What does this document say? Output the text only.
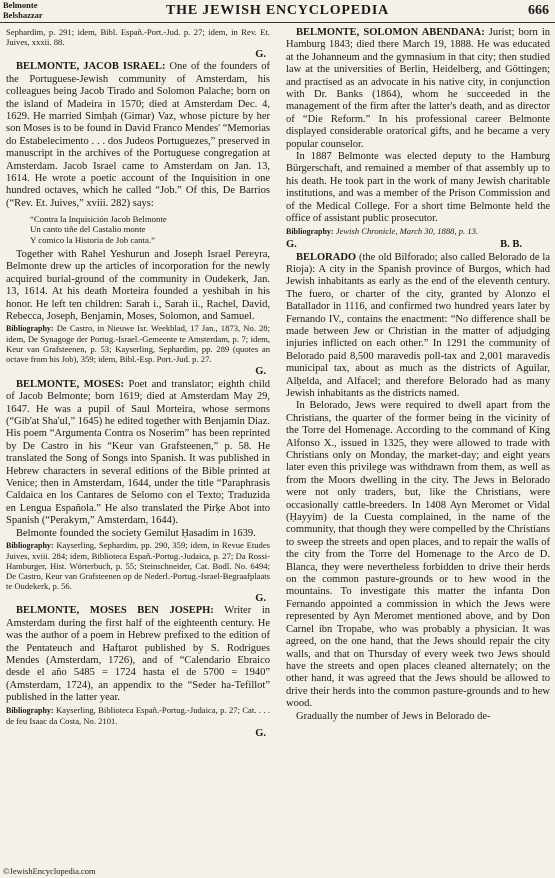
Belmonte
Belshazzar	THE JEWISH ENCYCLOPEDIA	666

Sephardim, p. 291; idem, Bibl. Españ.-Port.-Jud. p. 27; idem, in Rev. Et. Juives, xxxii. 88.

G.

BELMONTE, JACOB ISRAEL: One of the founders of the Portuguese-Jewish community of Amsterdam, his colleagues being Jacob Tirado and Solomon Palache; born on the island of Madeira in 1570; died at Amsterdam Dec. 4, 1629. He married Simḥah (Gimar) Vaz, whose picture by her son Moses is to be found in David Franco Mendes' “Memorias do Estabelecimento . . . dos Judeos Portuguezes,” preserved in manuscript in the archives of the Portuguese congregation at Amsterdam. Jacob Israel came to Amsterdam on Jan. 13, 1614. He wrote a poetic account of the Inquisition in one hundred octaves, which he called “Job.” Of this, De Barrios (“Rev. Et. Juives,” xviii. 282) says:

“Contra la Inquisición Jacob Belmonte
Un canto tiñe del Castalio monte
Y comico la Historia de Job canta.”

Together with Rahel Yeshurun and Joseph Israel Pereyra, Belmonte drew up the articles of incorporation for the newly acquired burial-ground of the community in Oudekerk, Jan. 13, 1614. At his death Morteira founded a yeshibah in his honor. He left ten children: Sarah i., Sarah ii., Rachel, David, Rebecca, Joseph, Benjamin, Moses, Solomon, and Samuel.

Bibliography: De Castro, in Nieuwe Isr. Weekblad, 17 Jan., 1873, No. 28; idem, De Synagoge der Portug.-Israel.-Gemeente te Amsterdam, p. 7; idem, Keur van Grafsteenen, p. 53; Kayserling, Sephardim, pp. 289 (quotes an octave from his Job), 359; idem, Bibl.-Esp. Port.-Jud. p. 27.

G.

BELMONTE, MOSES: Poet and translator; eighth child of Jacob Belmonte; born 1619; died at Amsterdam May 29, 1647. He was a pupil of Saul Morteira, whose sermons (“Gib'at Sha'ul,” 1645) he edited together with Benjamin Diaz. His poem “Argumenta Contra os Noserim” has been reprinted by De Castro in his “Keur van Grafsteenen,” p. 58. He translated the Song of Songs into Spanish. It was published in Hebrew characters in several editions of the Bible printed at Venice; then in Amsterdam, 1644, under the title “Paraphrasis Caldaica en los Cantares de Selomo con el Texto; Traduzida en Lengua Española.” He also translated the Pirḳe Abot into Spanish (“Perakym,” Amsterdam, 1644).

Belmonte founded the society Gemilut Ḥasadim in 1639.

Bibliography: Kayserling, Sephardim, pp. 290, 359; idem, in Revue Etudes Juives, xviii. 284; idem, Biblioteca Españ.-Portug.-Judaica, p. 27; Da Rossi-Hamburger, Hist. Wörterbuch, p. 55; Steinschneider, Cat. Bodl. No. 6494; De Castro, Keur van Grafsteenen op de Nederl.-Portug.-Israel-Begraafplaats te Oudekerk, p. 56.

G.

BELMONTE, MOSES BEN JOSEPH: Writer in Amsterdam during the first half of the eighteenth century. He was the author of a poem in Hebrew prefixed to the edition of the Pentateuch and Hafṭarot published by S. Rodrigues Mendes (Amsterdam, 1726), and of “Calendario Ebraico desde el año 5485 = 1724 hasta el de 5700 = 1940” (Amsterdam, 1724), an appendix to the “Seder ha-Tefillot” published in the latter year.

Bibliography: Kayserling, Biblioteca Españ.-Portug.-Judaica, p. 27; Cat. . . . de feu Isaac da Costa, No. 2101.

G.

BELMONTE, SOLOMON ABENDANA: Jurist; born in Hamburg 1843; died there March 19, 1888. He was educated at the Johanneum and the gymnasium in that city; then studied law at the universities of Berlin, Heidelberg, and Göttingen; and practised as an advocate in his native city, in conjunction with Dr. Banks (1864), whom he succeeded in the management of the firm after the latter's death, and as director of “Die Reform.” In his professional career Belmonte displayed considerable oratorical gifts, and he became a very popular counselor.

In 1887 Belmonte was elected deputy to the Hamburg Bürgerschaft, and remained a member of that assembly up to his death. He took part in the work of many Jewish charitable institutions, and was a member of the Prison Commission and of the Medical College. For a short time Belmonte held the office of assistant public prosecutor.

Bibliography: Jewish Chronicle, March 30, 1888, p. 13.

G.	B. B.

BELORADO (the old Bilforado; also called Belorado de la Rioja): A city in the Spanish province of Burgos, which had Jewish inhabitants as early as the end of the eleventh century. The fuero, or charter of the city, granted by Alonzo el Batallador in 1116, and confirmed two hundred years later by Fernando IV., contains the enactment: “No difference shall be made between Jew or Christian in the matter of adjudging injuries inflicted on each other.” In 1291 the community of Belorado paid 8,500 maravedis poll-tax and 2,001 maravedis municipal tax, about as much as the districts of Aguilar, Alḥelda, and Alfacel; and therefore Belorado had as many Jewish inhabitants as the districts named.

In Belorado, Jews were required to dwell apart from the Christians, the quarter of the former being in the vicinity of the Torre del Homenage. According to the command of King Alfonso X., issued in 1325, they were allowed to trade with Christians only on Monday, the market-day; and eight years later even this privilege was withdrawn from them, as well as from the Moors dwelling in the city. The Jews in Belorado were not only traders, but, like the Christians, were occasionally cattle-breeders. In 1408 Ayn Meromet or Vidal (Ḥayyim) de la Cuesta complained, in the name of the community, that though they were compelled by the Christians to sweep the streets and open places, and to repair the walls of the city from the Torre del Homenage to the Arco de D. Blanca, they were nevertheless forbidden to drive their herds on the common pasture-grounds or to hew wood in the mountains. To investigate this matter the infanta Don Fernando appointed a commission in which the Jews were represented by Ayn Meromet mentioned above, and by Don Carnel ibn Tropabe, who was probably a physician. It was agreed, on the one hand, that the Jews should repair the city walls, and that on Thursday of every week two Jews should have the streets and open places cleaned alternately; on the other hand, it was agreed that the Jews should be allowed to drive their herds into the common pasture-grounds and to hew wood.

Gradually the number of Jews in Belorado de-

©JewishEncyclopedia.com
